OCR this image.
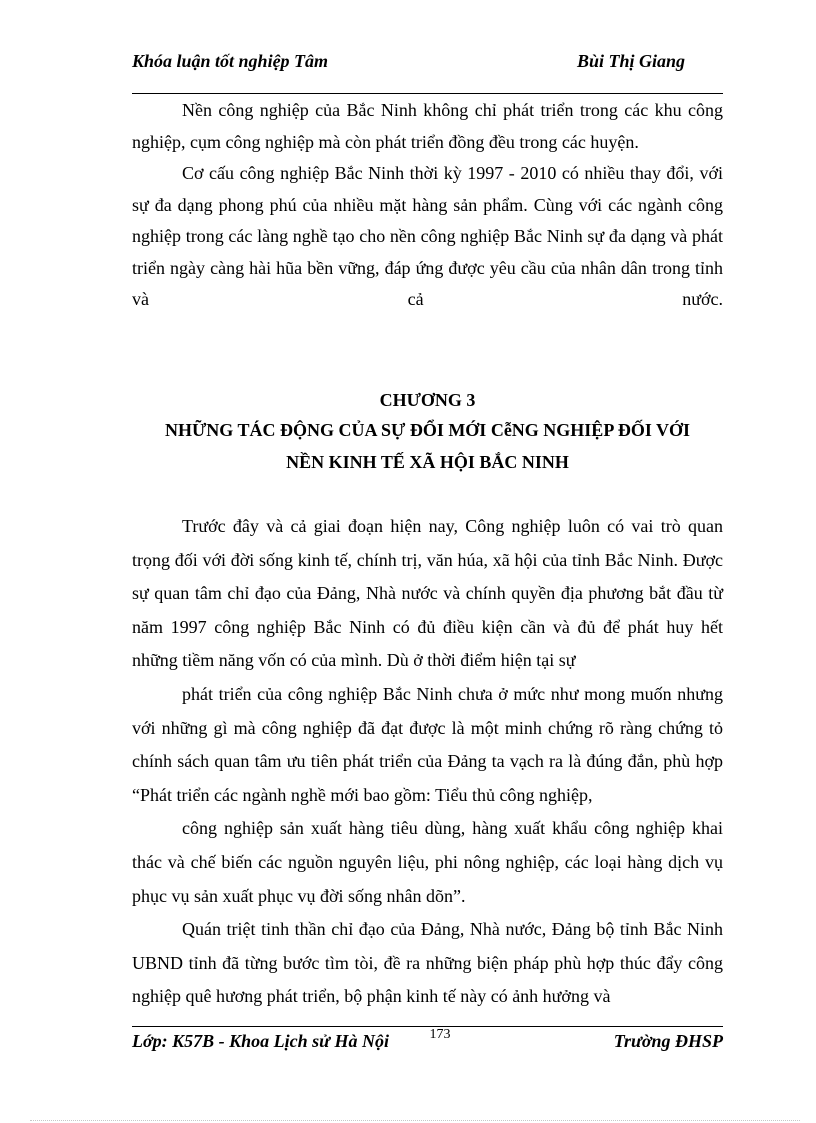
Khóa luận tốt nghiệp Tâm	Bùi Thị Giang

Nền công nghiệp của Bắc Ninh không chỉ phát triển trong các khu công nghiệp, cụm công nghiệp mà còn phát triển đồng đều trong các huyện.

Cơ cấu công nghiệp Bắc Ninh thời kỳ 1997 - 2010 có nhiều thay đổi, với sự đa dạng phong phú của nhiều mặt hàng sản phẩm. Cùng với các ngành công nghiệp trong các làng nghề tạo cho nền công nghiệp Bắc Ninh sự đa dạng và phát triển ngày càng hài hũa bền vững, đáp ứng được yêu cầu của nhân dân trong tỉnh và cả nước.

CHƯƠNG 3
NHỮNG TÁC ĐỘNG CỦA SỰ ĐỔI MỚI CễNG NGHIỆP ĐỐI VỚI
NỀN KINH TẾ XÃ HỘI BẮC NINH

Trước đây và cả giai đoạn hiện nay, Công nghiệp luôn có vai trò quan trọng đối với đời sống kinh tế, chính trị, văn húa, xã hội của tỉnh Bắc Ninh. Được sự quan tâm chỉ đạo của Đảng, Nhà nước và chính quyền địa phương bắt đầu từ năm 1997 công nghiệp Bắc Ninh có đủ điều kiện cần và đủ để phát huy hết những tiềm năng vốn có của mình. Dù ở thời điểm hiện tại sự

phát triển của công nghiệp Bắc Ninh chưa ở mức như mong muốn nhưng với những gì mà công nghiệp đã đạt được là một minh chứng rõ ràng chứng tỏ chính sách quan tâm ưu tiên phát triển của Đảng ta vạch ra là đúng đắn, phù hợp “Phát triển các ngành nghề mới bao gồm: Tiểu thủ công nghiệp,

công nghiệp sản xuất hàng tiêu dùng, hàng xuất khẩu công nghiệp khai thác và chế biến các nguồn nguyên liệu, phi nông nghiệp, các loại hàng dịch vụ phục vụ sản xuất phục vụ đời sống nhân dõn”.

Quán triệt tinh thần chỉ đạo của Đảng, Nhà nước, Đảng bộ tỉnh Bắc Ninh UBND tỉnh đã từng bước tìm tòi, đề ra những biện pháp phù hợp thúc đẩy công nghiệp quê hương phát triển, bộ phận kinh tế này có ảnh hưởng và

Lớp: K57B - Khoa Lịch sử Hà Nội	173	Trường ĐHSP
